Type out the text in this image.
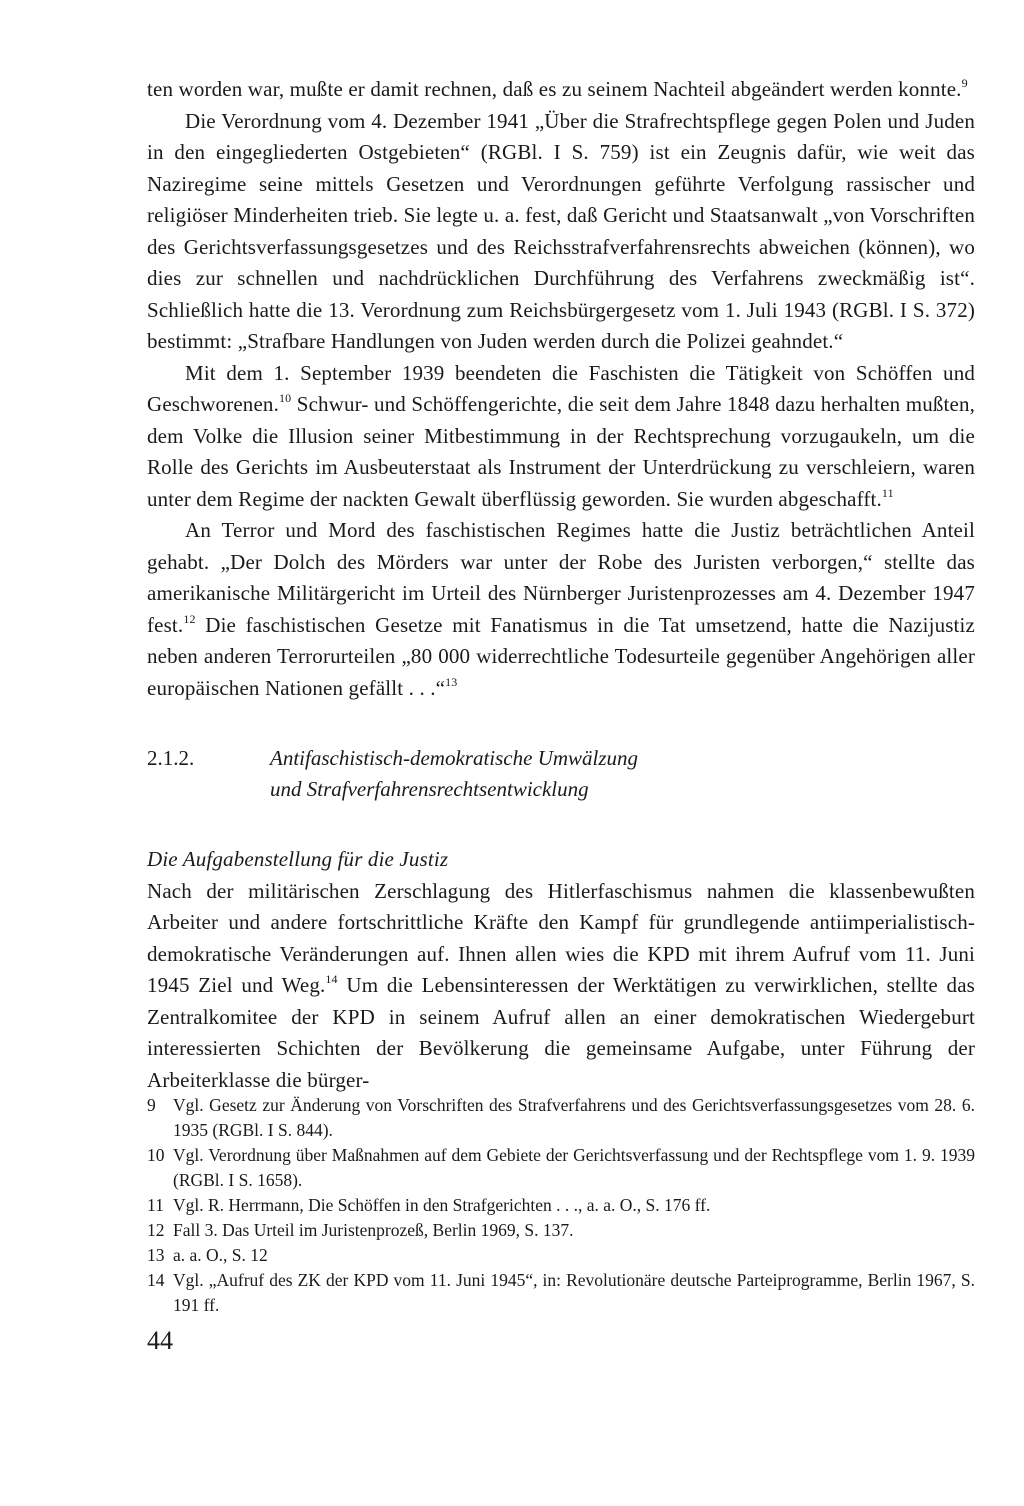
ten worden war, mußte er damit rechnen, daß es zu seinem Nachteil abgeändert werden konnte.$^9$

Die Verordnung vom 4. Dezember 1941 „Über die Strafrechtspflege gegen Polen und Juden in den eingegliederten Ostgebieten“ (RGBl. I S. 759) ist ein Zeugnis dafür, wie weit das Naziregime seine mittels Gesetzen und Verordnungen geführte Verfolgung rassischer und religiöser Minderheiten trieb. Sie legte u. a. fest, daß Gericht und Staatsanwalt „von Vorschriften des Gerichtsverfassungsgesetzes und des Reichsstrafverfahrensrechts abweichen (können), wo dies zur schnellen und nachdrücklichen Durchführung des Verfahrens zweckmäßig ist“. Schließlich hatte die 13. Verordnung zum Reichsbürgergesetz vom 1. Juli 1943 (RGBl. I S. 372) bestimmt: „Strafbare Handlungen von Juden werden durch die Polizei geahndet.“

Mit dem 1. September 1939 beendeten die Faschisten die Tätigkeit von Schöffen und Geschworenen.$^{10}$ Schwur- und Schöffengerichte, die seit dem Jahre 1848 dazu herhalten mußten, dem Volke die Illusion seiner Mitbestimmung in der Rechtsprechung vorzugaukeln, um die Rolle des Gerichts im Ausbeuterstaat als Instrument der Unterdrückung zu verschleiern, waren unter dem Regime der nackten Gewalt überflüssig geworden. Sie wurden abgeschafft.$^{11}$

An Terror und Mord des faschistischen Regimes hatte die Justiz beträchtlichen Anteil gehabt. „Der Dolch des Mörders war unter der Robe des Juristen verborgen,“ stellte das amerikanische Militärgericht im Urteil des Nürnberger Juristenprozesses am 4. Dezember 1947 fest.$^{12}$ Die faschistischen Gesetze mit Fanatismus in die Tat umsetzend, hatte die Nazijustiz neben anderen Terrorurteilen „80 000 widerrechtliche Todesurteile gegenüber Angehörigen aller europäischen Nationen gefällt . . .“$^{13}$

2.1.2.	Antifaschistisch-demokratische Umwälzung
und Strafverfahrensrechtsentwicklung

Die Aufgabenstellung für die Justiz

Nach der militärischen Zerschlagung des Hitlerfaschismus nahmen die klassenbewußten Arbeiter und andere fortschrittliche Kräfte den Kampf für grundlegende antiimperialistisch-demokratische Veränderungen auf. Ihnen allen wies die KPD mit ihrem Aufruf vom 11. Juni 1945 Ziel und Weg.$^{14}$ Um die Lebensinteressen der Werktätigen zu verwirklichen, stellte das Zentralkomitee der KPD in seinem Aufruf allen an einer demokratischen Wiedergeburt interessierten Schichten der Bevölkerung die gemeinsame Aufgabe, unter Führung der Arbeiterklasse die bürger-

9 Vgl. Gesetz zur Änderung von Vorschriften des Strafverfahrens und des Gerichtsverfassungsgesetzes vom 28. 6. 1935 (RGBl. I S. 844).
10 Vgl. Verordnung über Maßnahmen auf dem Gebiete der Gerichtsverfassung und der Rechtspflege vom 1. 9. 1939 (RGBl. I S. 1658).
11 Vgl. R. Herrmann, Die Schöffen in den Strafgerichten . . ., a. a. O., S. 176 ff.
12 Fall 3. Das Urteil im Juristenprozeß, Berlin 1969, S. 137.
13 a. a. O., S. 12
14 Vgl. „Aufruf des ZK der KPD vom 11. Juni 1945“, in: Revolutionäre deutsche Parteiprogramme, Berlin 1967, S. 191 ff.
44
